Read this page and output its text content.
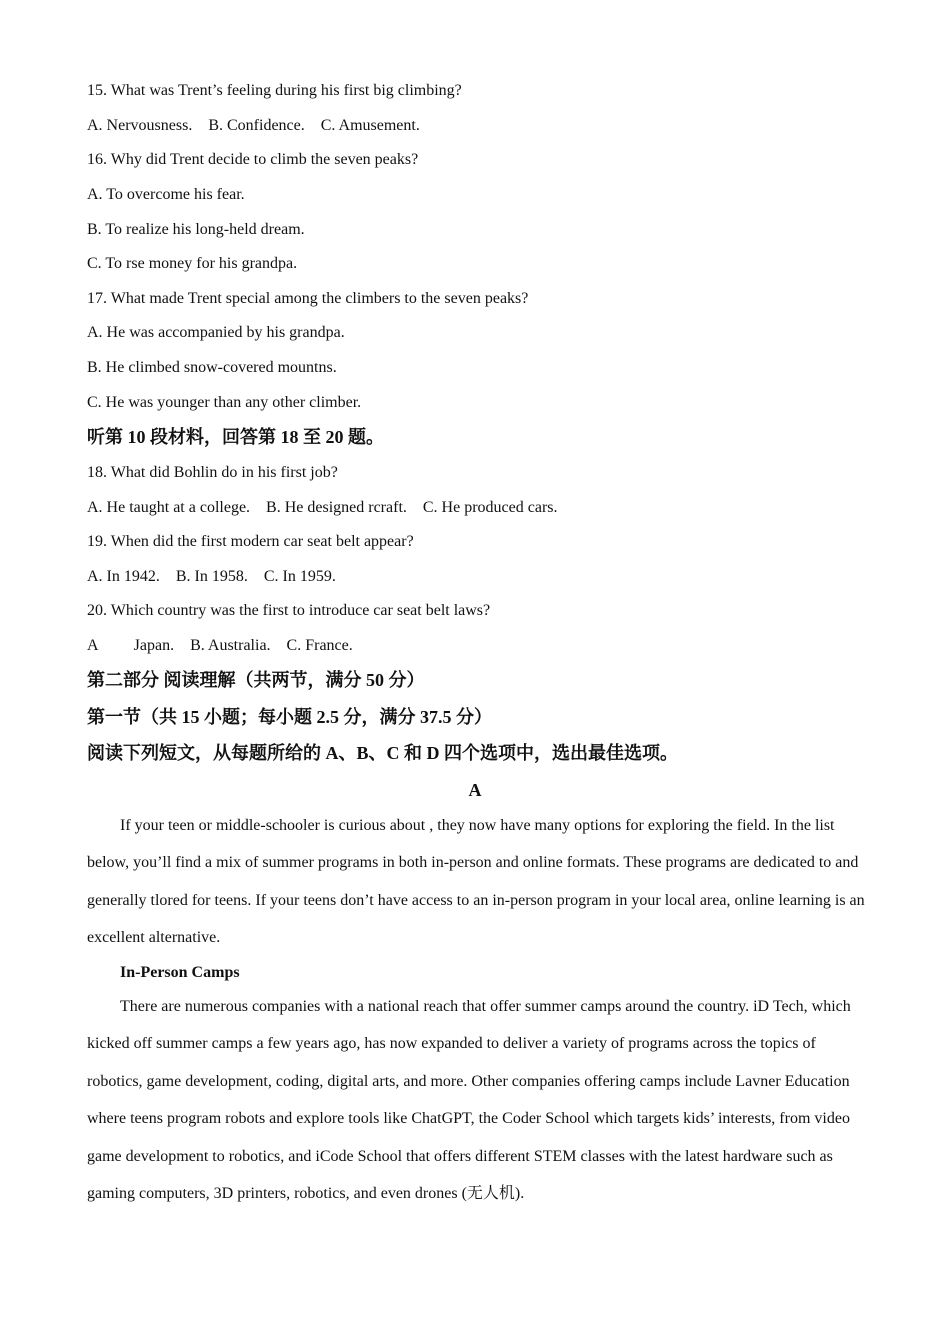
15. What was Trent’s feeling during his first big climbing?
A. Nervousness.    B. Confidence.    C. Amusement.
16. Why did Trent decide to climb the seven peaks?
A. To overcome his fear.
B. To realize his long-held dream.
C. To rse money for his grandpa.
17. What made Trent special among the climbers to the seven peaks?
A. He was accompanied by his grandpa.
B. He climbed snow-covered mountns.
C. He was younger than any other climber.
听第 10 段材料，回答第 18 至 20 题。
18. What did Bohlin do in his first job?
A. He taught at a college.    B. He designed rcraft.    C. He produced cars.
19. When did the first modern car seat belt appear?
A. In 1942.    B. In 1958.    C. In 1959.
20. Which country was the first to introduce car seat belt laws?
A         Japan.    B. Australia.    C. France.
第二部分 阅读理解（共两节，满分 50 分）
第一节（共 15 小题；每小题 2.5 分，满分 37.5 分）
阅读下列短文，从每题所给的 A、B、C 和 D 四个选项中，选出最佳选项。
A

If your teen or middle-schooler is curious about , they now have many options for exploring the field. In the list below, you’ll find a mix of summer programs in both in-person and online formats. These programs are dedicated to and generally tlored for teens. If your teens don’t have access to an in-person program in your local area, online learning is an excellent alternative.

In-Person Camps

There are numerous companies with a national reach that offer summer camps around the country. iD Tech, which kicked off summer camps a few years ago, has now expanded to deliver a variety of programs across the topics of robotics, game development, coding, digital arts, and more. Other companies offering camps include Lavner Education where teens program robots and explore tools like ChatGPT, the Coder School which targets kids’ interests, from video game development to robotics, and iCode School that offers different STEM classes with the latest hardware such as gaming computers, 3D printers, robotics, and even drones (无人机).
